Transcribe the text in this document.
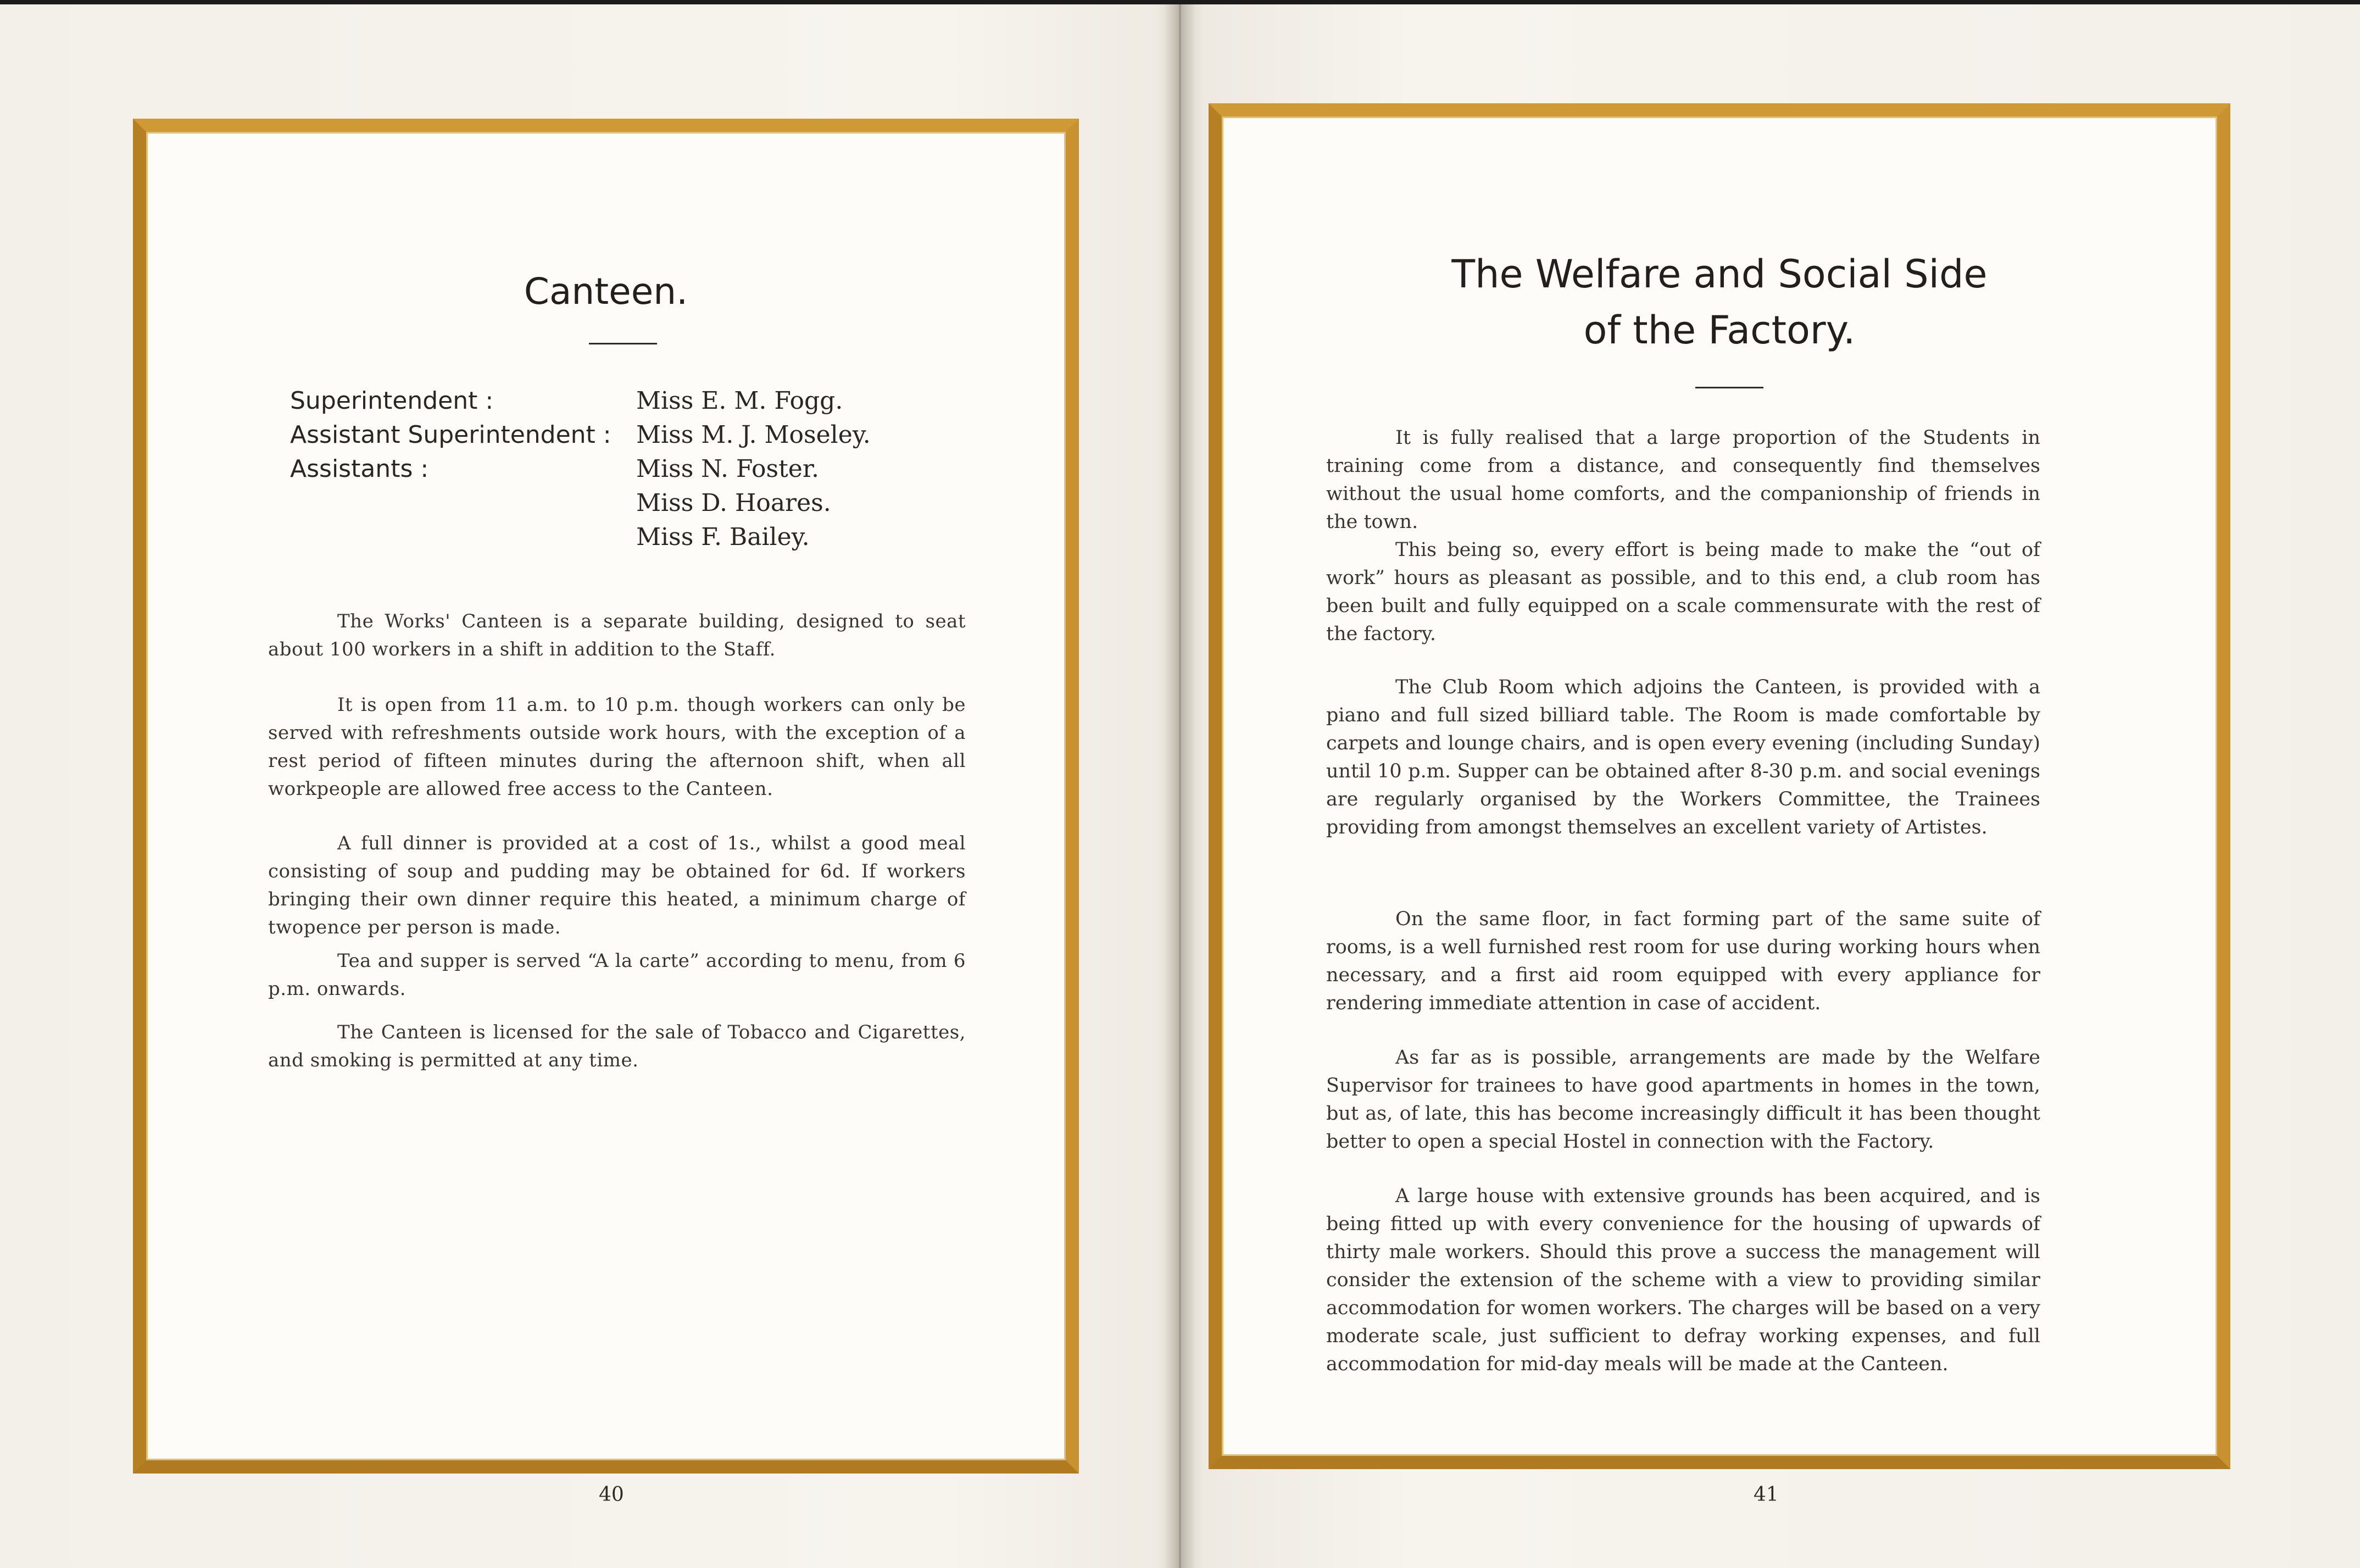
Canteen.
Superintendent :	Miss E. M. Fogg.
Assistant Superintendent : Miss M. J. Moseley.
Assistants :	Miss N. Foster.
Miss D. Hoares.
Miss F. Bailey.

The Works' Canteen is a separate building, designed to seat about 100 workers in a shift in addition to the Staff.

It is open from 11 a.m. to 10 p.m. though workers can only be served with refreshments outside work hours, with the exception of a rest period of fifteen minutes during the afternoon shift, when all workpeople are allowed free access to the Canteen.

A full dinner is provided at a cost of 1s., whilst a good meal consisting of soup and pudding may be obtained for 6d. If workers bringing their own dinner require this heated, a minimum charge of twopence per person is made.

Tea and supper is served “A la carte” according to menu, from 6 p.m. onwards.

The Canteen is licensed for the sale of Tobacco and Cigarettes, and smoking is permitted at any time.

40
The Welfare and Social Side
of the Factory.

It is fully realised that a large proportion of the Students in training come from a distance, and consequently find themselves without the usual home comforts, and the companionship of friends in the town.

This being so, every effort is being made to make the “out of work” hours as pleasant as possible, and to this end, a club room has been built and fully equipped on a scale commensurate with the rest of the factory.

The Club Room which adjoins the Canteen, is provided with a piano and full sized billiard table. The Room is made comfortable by carpets and lounge chairs, and is open every evening (including Sunday) until 10 p.m. Supper can be obtained after 8-30 p.m. and social evenings are regularly organised by the Workers Committee, the Trainees providing from amongst themselves an excellent variety of Artistes.

On the same floor, in fact forming part of the same suite of rooms, is a well furnished rest room for use during working hours when necessary, and a first aid room equipped with every appliance for rendering immediate attention in case of accident.

As far as is possible, arrangements are made by the Welfare Supervisor for trainees to have good apartments in homes in the town, but as, of late, this has become increasingly difficult it has been thought better to open a special Hostel in connection with the Factory.

A large house with extensive grounds has been acquired, and is being fitted up with every convenience for the housing of upwards of thirty male workers. Should this prove a success the management will consider the extension of the scheme with a view to providing similar accommodation for women workers. The charges will be based on a very moderate scale, just sufficient to defray working expenses, and full accommodation for mid-day meals will be made at the Canteen.

41
